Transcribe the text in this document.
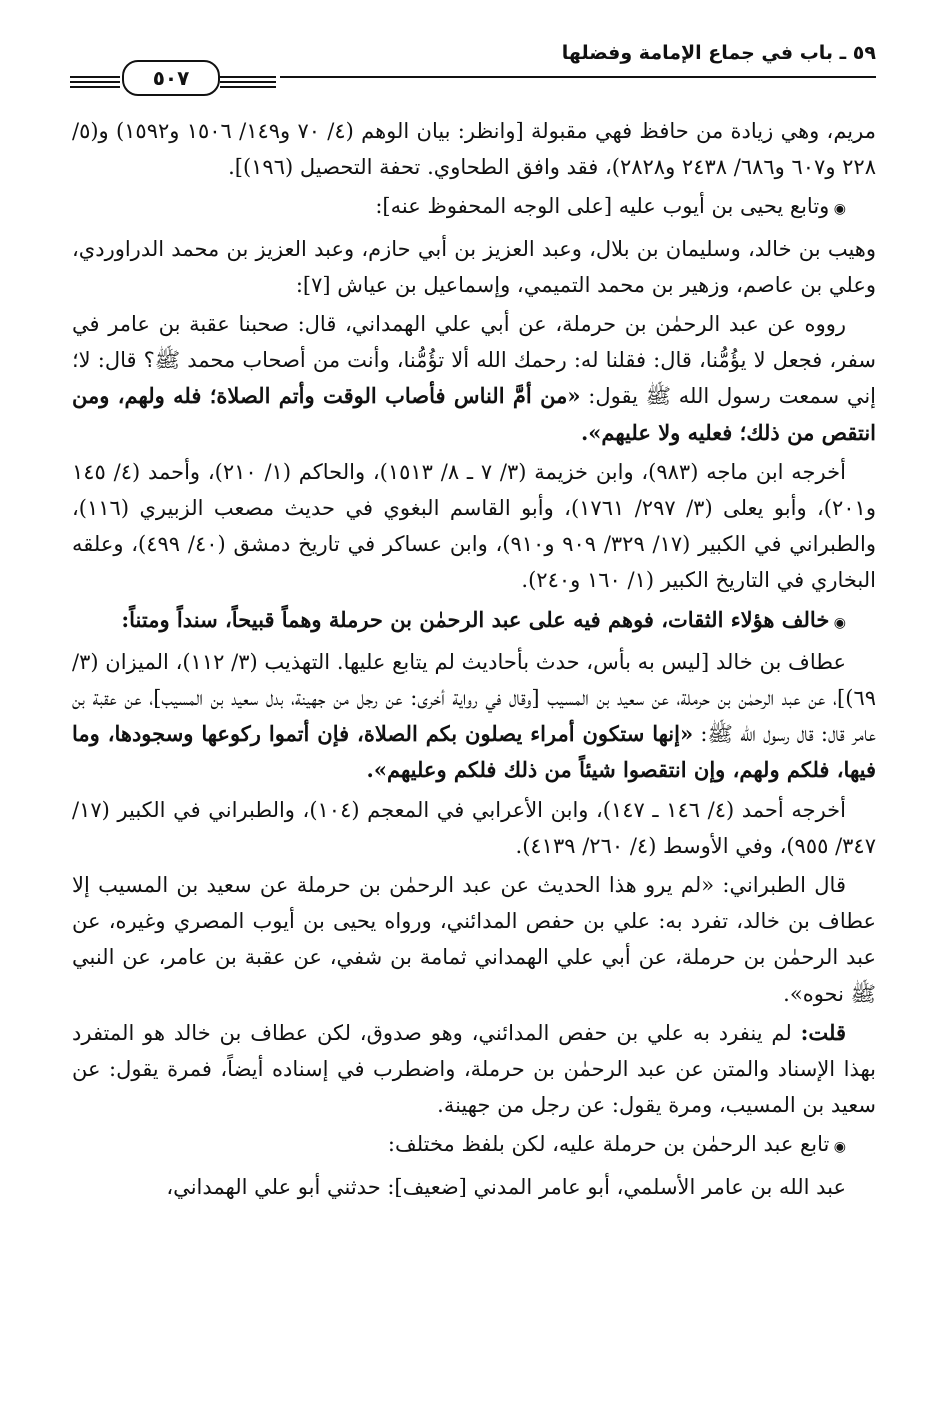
٥٩ ـ باب في جماع الإمامة وفضلها
٥٠٧

مريم، وهي زيادة من حافظ فهي مقبولة [وانظر: بيان الوهم (٤/ ٧٠ و١٤٩/ ١٥٠٦ و١٥٩٢) و(٥/ ٢٢٨ و٦٠٧ و٦٨٦/ ٢٤٣٨ و٢٨٢٨)، فقد وافق الطحاوي. تحفة التحصيل (١٩٦)].

◉ وتابع يحيى بن أيوب عليه [على الوجه المحفوظ عنه]:

وهيب بن خالد، وسليمان بن بلال، وعبد العزيز بن أبي حازم، وعبد العزيز بن محمد الدراوردي، وعلي بن عاصم، وزهير بن محمد التميمي، وإسماعيل بن عياش [٧]:

رووه عن عبد الرحمٰن بن حرملة، عن أبي علي الهمداني، قال: صحبنا عقبة بن عامر في سفر، فجعل لا يؤُمُّنا، قال: فقلنا له: رحمك الله ألا تؤُمُّنا، وأنت من أصحاب محمد ﷺ؟ قال: لا؛ إني سمعت رسول الله ﷺ يقول: «من أمَّ الناس فأصاب الوقت وأتم الصلاة؛ فله ولهم، ومن انتقص من ذلك؛ فعليه ولا عليهم».

أخرجه ابن ماجه (٩٨٣)، وابن خزيمة (٣/ ٧ ـ ٨/ ١٥١٣)، والحاكم (١/ ٢١٠)، وأحمد (٤/ ١٤٥ و٢٠١)، وأبو يعلى (٣/ ٢٩٧/ ١٧٦١)، وأبو القاسم البغوي في حديث مصعب الزبيري (١١٦)، والطبراني في الكبير (١٧/ ٣٢٩/ ٩٠٩ و٩١٠)، وابن عساكر في تاريخ دمشق (٤٠/ ٤٩٩)، وعلقه البخاري في التاريخ الكبير (١/ ١٦٠ و٢٤٠).

◉ خالف هؤلاء الثقات، فوهم فيه على عبد الرحمٰن بن حرملة وهماً قبيحاً، سنداً ومتناً:

عطاف بن خالد [ليس به بأس، حدث بأحاديث لم يتابع عليها. التهذيب (٣/ ١١٢)، الميزان (٣/ ٦٩)]، عن عبد الرحمٰن بن حرملة، عن سعيد بن المسيب [وقال في رواية أخرى: عن رجل من جهينة، بدل سعيد بن المسيب]، عن عقبة بن عامر قال: قال رسول الله ﷺ: «إنها ستكون أمراء يصلون بكم الصلاة، فإن أتموا ركوعها وسجودها، وما فيها، فلكم ولهم، وإن انتقصوا شيئاً من ذلك فلكم وعليهم».

أخرجه أحمد (٤/ ١٤٦ ـ ١٤٧)، وابن الأعرابي في المعجم (١٠٤)، والطبراني في الكبير (١٧/ ٣٤٧/ ٩٥٥)، وفي الأوسط (٤/ ٢٦٠/ ٤١٣٩).

قال الطبراني: «لم يرو هذا الحديث عن عبد الرحمٰن بن حرملة عن سعيد بن المسيب إلا عطاف بن خالد، تفرد به: علي بن حفص المدائني، ورواه يحيى بن أيوب المصري وغيره، عن عبد الرحمٰن بن حرملة، عن أبي علي الهمداني ثمامة بن شفي، عن عقبة بن عامر، عن النبي ﷺ نحوه».

قلت: لم ينفرد به علي بن حفص المدائني، وهو صدوق، لكن عطاف بن خالد هو المتفرد بهذا الإسناد والمتن عن عبد الرحمٰن بن حرملة، واضطرب في إسناده أيضاً، فمرة يقول: عن سعيد بن المسيب، ومرة يقول: عن رجل من جهينة.

◉ تابع عبد الرحمٰن بن حرملة عليه، لكن بلفظ مختلف:

عبد الله بن عامر الأسلمي، أبو عامر المدني [ضعيف]: حدثني أبو علي الهمداني،
